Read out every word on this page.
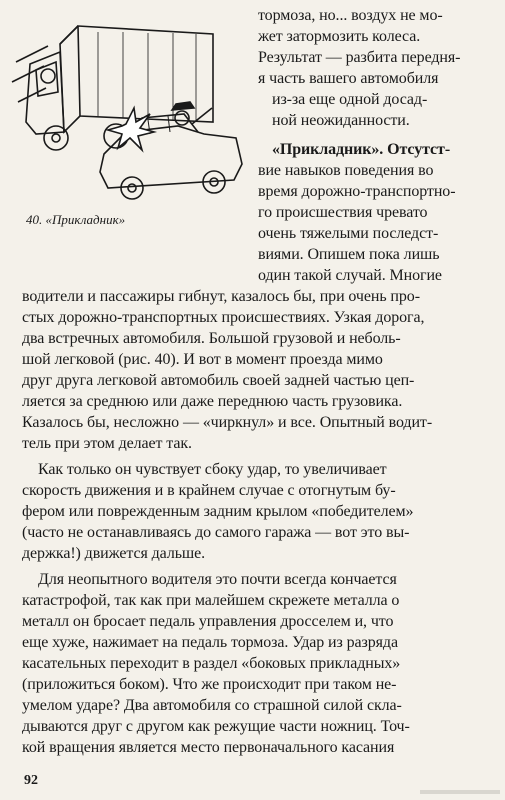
40. «Прикладник»
тормоза, но... воздух не мо-
жет затормозить колеса.
Результат — разбита передня-
я часть вашего автомобиля
из-за еще одной досад-
ной неожиданности.
«Прикладник». Отсутст-
вие навыков поведения во
время дорожно-транспортно-
го происшествия чревато
очень тяжелыми последст-
виями. Опишем пока лишь
один такой случай. Многие
водители и пассажиры гибнут, казалось бы, при очень про-
стых дорожно-транспортных происшествиях. Узкая дорога,
два встречных автомобиля. Большой грузовой и неболь-
шой легковой (рис. 40). И вот в момент проезда мимо
друг друга легковой автомобиль своей задней частью цеп-
ляется за среднюю или даже переднюю часть грузовика.
Казалось бы, несложно — «чиркнул» и все. Опытный водит-
тель при этом делает так.
Как только он чувствует сбоку удар, то увеличивает
скорость движения и в крайнем случае с отогнутым бу-
фером или поврежденным задним крылом «победителем»
(часто не останавливаясь до самого гаража — вот это вы-
держка!) движется дальше.
Для неопытного водителя это почти всегда кончается
катастрофой, так как при малейшем скрежете металла о
металл он бросает педаль управления дросселем и, что
еще хуже, нажимает на педаль тормоза. Удар из разряда
касательных переходит в раздел «боковых прикладных»
(приложиться боком). Что же происходит при таком не-
умелом ударе? Два автомобиля со страшной силой скла-
дываются друг с другом как режущие части ножниц. Точ-
кой вращения является место первоначального касания
92
Иногда даже бывает так, что удар из разряда «бок—бок»
переходит в разряд «лоб—бок», который почти всег-
да кончается дорожно-транспортным происшествием (ка-
тастрофическими последствиями).
«Мотоциклист». Всем известно, как лихо ездят иные
мотоциклисты, как шустро шныряют между автомобилями,
как круто заворачивают. Есть водители автомобилей, ко-
торые поворачивают рулевое колесо сразу на 90°. Это яв-
ные мотоциклисты в худшем смысле слова (рис. 41). На-
